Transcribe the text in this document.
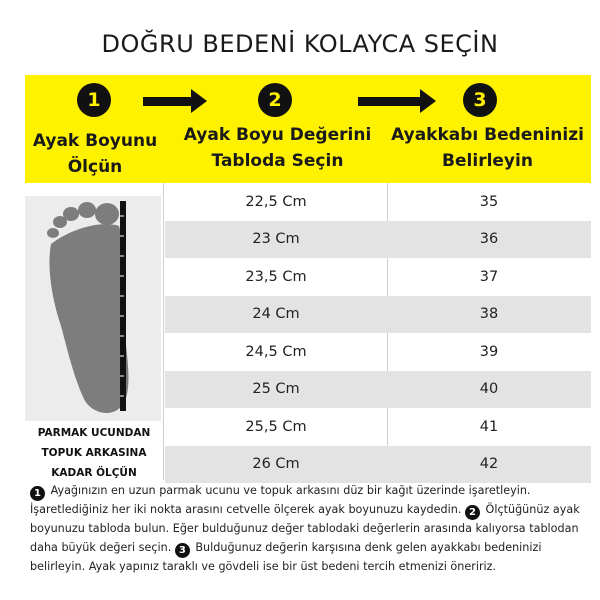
DOĞRU BEDENİ KOLAYCA SEÇİN
1	2	3
Ayak Boyunu Ölçün
Ayak Boyu Değerini Tabloda Seçin
Ayakkabı Bedeninizi Belirleyin
PARMAK UCUNDAN TOPUK ARKASINA KADAR ÖLÇÜN
22,5 Cm	35
23 Cm	36
23,5 Cm	37
24 Cm	38
24,5 Cm	39
25 Cm	40
25,5 Cm	41
26 Cm	42
1 Ayağınızın en uzun parmak ucunu ve topuk arkasını düz bir kağıt üzerinde işaretleyin. İşaretlediğiniz her iki nokta arasını cetvelle ölçerek ayak boyunuzu kaydedin. 2 Ölçtüğünüz ayak boyunuzu tabloda bulun. Eğer bulduğunuz değer tablodaki değerlerin arasında kalıyorsa tablodan daha büyük değeri seçin. 3 Bulduğunuz değerin karşısına denk gelen ayakkabı bedeninizi belirleyin. Ayak yapınız taraklı ve gövdeli ise bir üst bedeni tercih etmenizi öneririz.
